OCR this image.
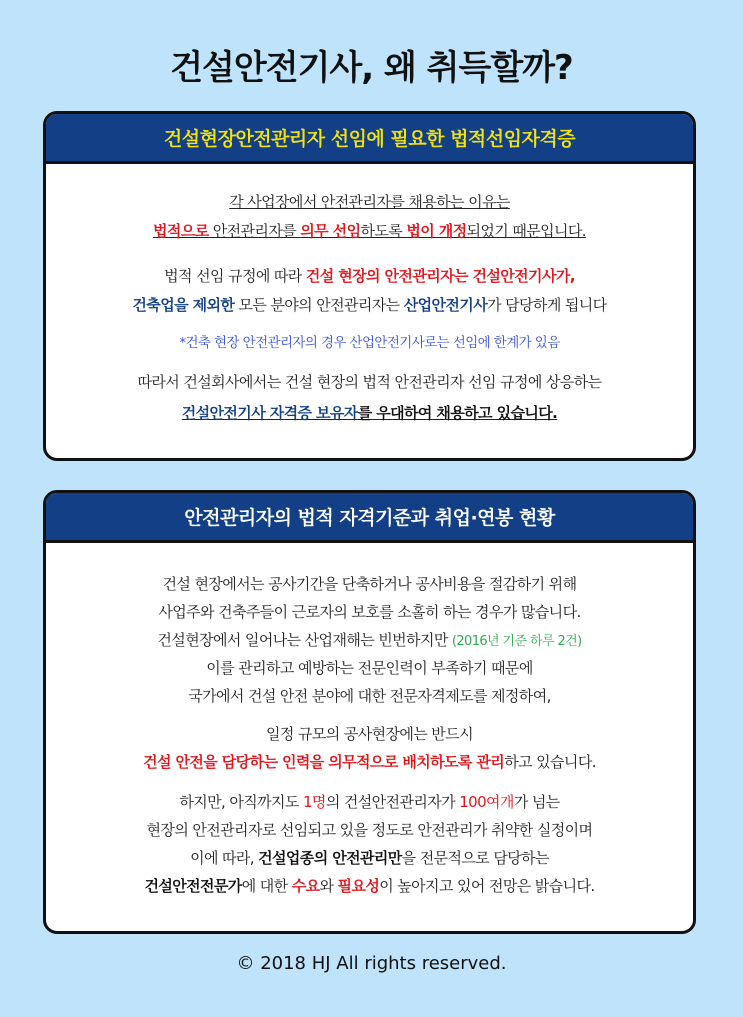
건설안전기사, 왜 취득할까?
건설현장안전관리자 선임에 필요한 법적선임자격증
각 사업장에서 안전관리자를 채용하는 이유는
법적으로 안전관리자를 의무 선임하도록 법이 개정되었기 때문입니다.
법적 선임 규정에 따라 건설 현장의 안전관리자는 건설안전기사가,
건축업을 제외한 모든 분야의 안전관리자는 산업안전기사가 담당하게 됩니다
*건축 현장 안전관리자의 경우 산업안전기사로는 선임에 한계가 있음
따라서 건설회사에서는 건설 현장의 법적 안전관리자 선임 규정에 상응하는
건설안전기사 자격증 보유자를 우대하여 채용하고 있습니다.
안전관리자의 법적 자격기준과 취업·연봉 현황
건설 현장에서는 공사기간을 단축하거나 공사비용을 절감하기 위해
사업주와 건축주들이 근로자의 보호를 소홀히 하는 경우가 많습니다.
건설현장에서 일어나는 산업재해는 빈번하지만 (2016년 기준 하루 2건)
이를 관리하고 예방하는 전문인력이 부족하기 때문에
국가에서 건설 안전 분야에 대한 전문자격제도를 제정하여,
일정 규모의 공사현장에는 반드시
건설 안전을 담당하는 인력을 의무적으로 배치하도록 관리하고 있습니다.
하지만, 아직까지도 1명의 건설안전관리자가 100여개가 넘는
현장의 안전관리자로 선임되고 있을 정도로 안전관리가 취약한 실정이며
이에 따라, 건설업종의 안전관리만을 전문적으로 담당하는
건설안전전문가에 대한 수요와 필요성이 높아지고 있어 전망은 밝습니다.
© 2018 HJ All rights reserved.
